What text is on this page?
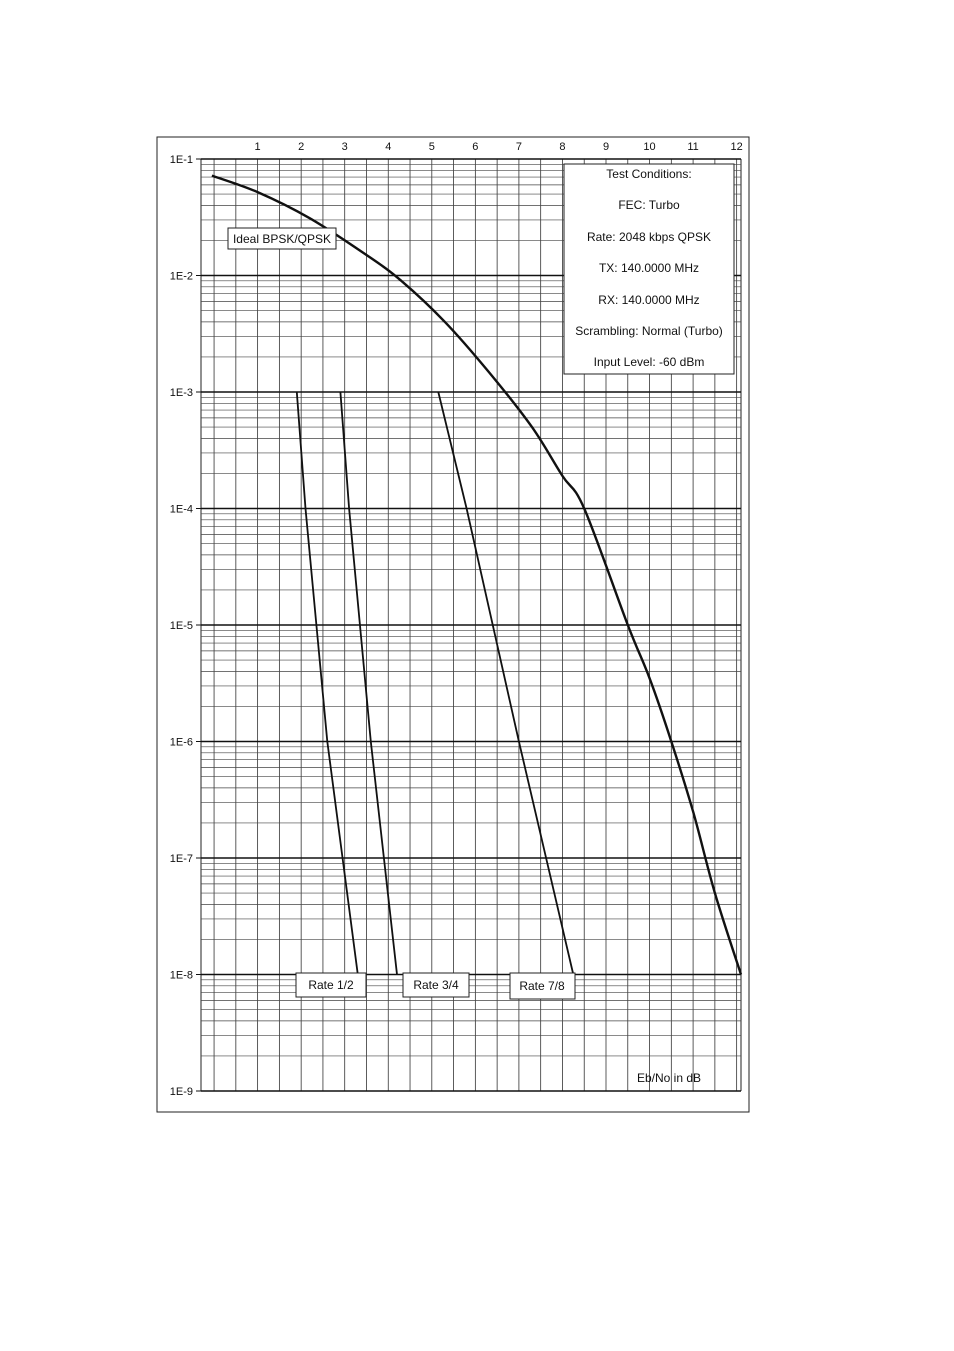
1	2	3	4	5	6	7	8	9	10	11	12
1E-1
1E-2
1E-3
1E-4
1E-5
1E-6
1E-7
1E-8
1E-9
Ideal BPSK/QPSK
Rate 1/2	Rate 3/4	Rate 7/8
Test Conditions:
FEC: Turbo
Rate: 2048 kbps QPSK
TX: 140.0000 MHz
RX: 140.0000 MHz
Scrambling: Normal (Turbo)
Input Level: -60 dBm
Eb/No in dB
